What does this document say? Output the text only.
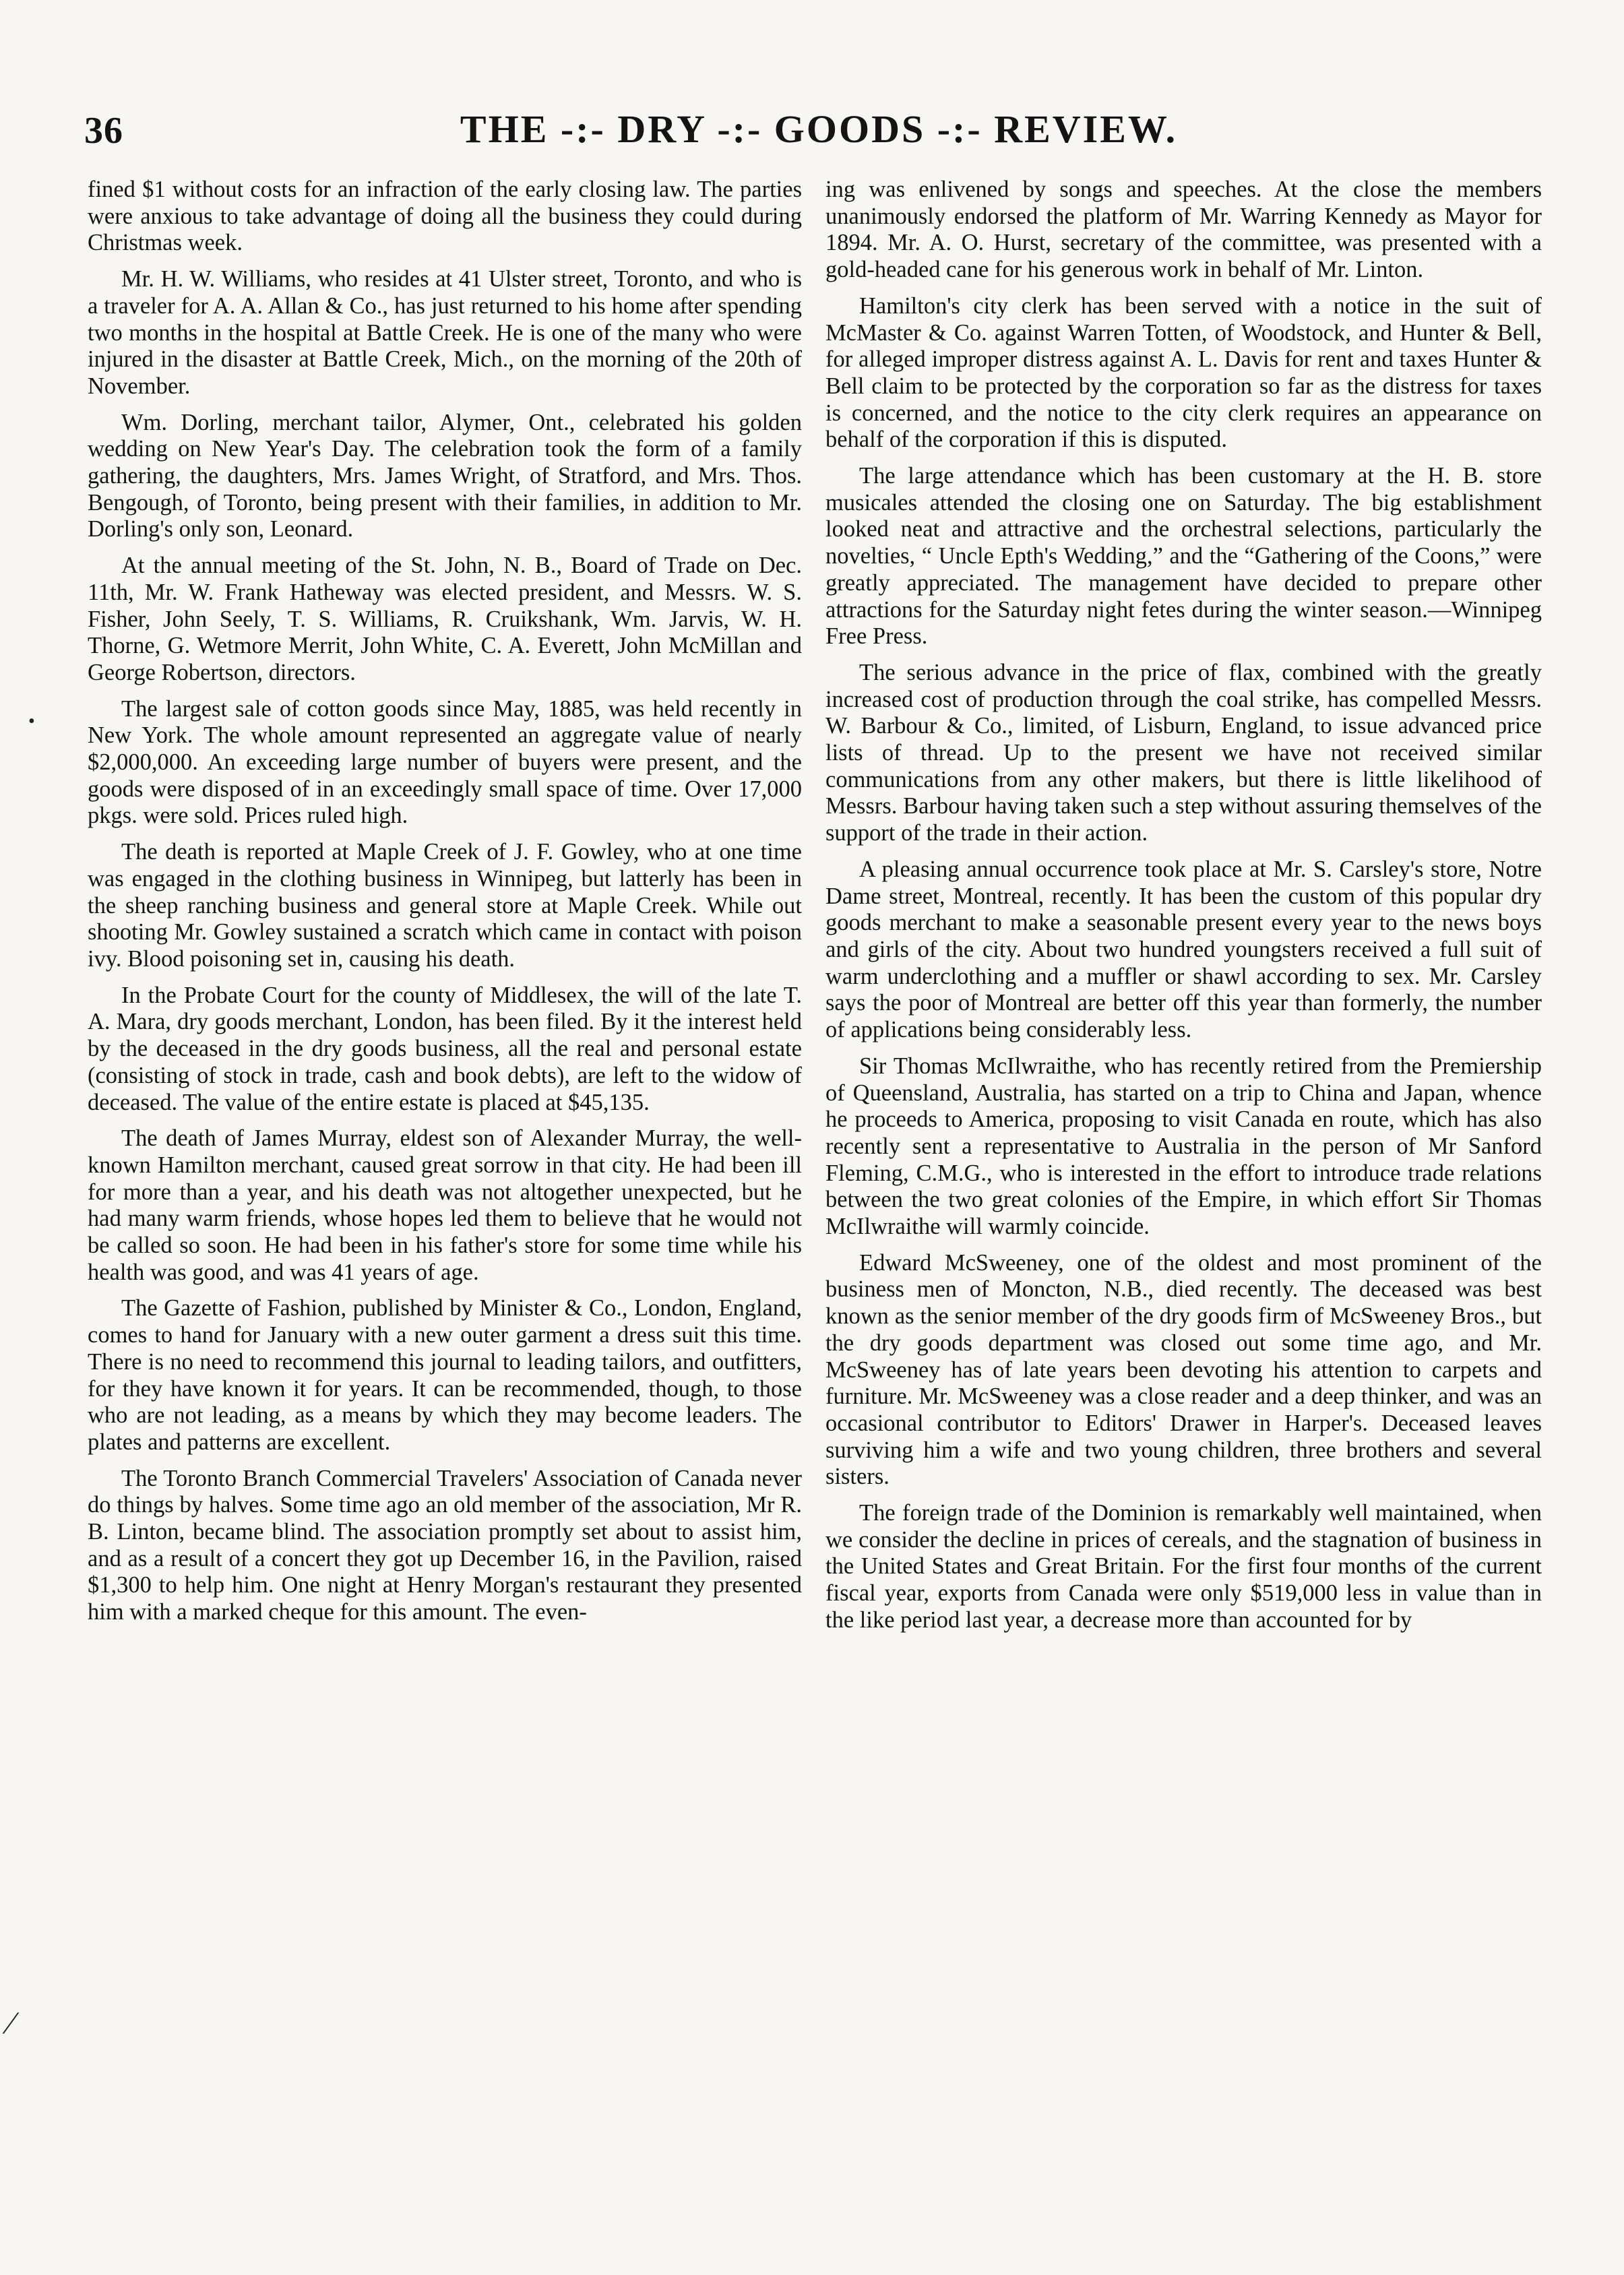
36	THE -:- DRY -:- GOODS -:- REVIEW.

fined $1 without costs for an infraction of the early closing law. The parties were anxious to take advantage of doing all the business they could during Christmas week.

Mr. H. W. Williams, who resides at 41 Ulster street, Toronto, and who is a traveler for A. A. Allan & Co., has just returned to his home after spending two months in the hospital at Battle Creek. He is one of the many who were injured in the disaster at Battle Creek, Mich., on the morning of the 20th of November.

Wm. Dorling, merchant tailor, Alymer, Ont., celebrated his golden wedding on New Year's Day. The celebration took the form of a family gathering, the daughters, Mrs. James Wright, of Stratford, and Mrs. Thos. Bengough, of Toronto, being present with their families, in addition to Mr. Dorling's only son, Leonard.

At the annual meeting of the St. John, N. B., Board of Trade on Dec. 11th, Mr. W. Frank Hatheway was elected president, and Messrs. W. S. Fisher, John Seely, T. S. Williams, R. Cruikshank, Wm. Jarvis, W. H. Thorne, G. Wetmore Merrit, John White, C. A. Everett, John McMillan and George Robertson, directors.

The largest sale of cotton goods since May, 1885, was held recently in New York. The whole amount represented an aggregate value of nearly $2,000,000. An exceeding large number of buyers were present, and the goods were disposed of in an exceedingly small space of time. Over 17,000 pkgs. were sold. Prices ruled high.

The death is reported at Maple Creek of J. F. Gowley, who at one time was engaged in the clothing business in Winnipeg, but latterly has been in the sheep ranching business and general store at Maple Creek. While out shooting Mr. Gowley sustained a scratch which came in contact with poison ivy. Blood poisoning set in, causing his death.

In the Probate Court for the county of Middlesex, the will of the late T. A. Mara, dry goods merchant, London, has been filed. By it the interest held by the deceased in the dry goods business, all the real and personal estate (consisting of stock in trade, cash and book debts), are left to the widow of deceased. The value of the entire estate is placed at $45,135.

The death of James Murray, eldest son of Alexander Murray, the well-known Hamilton merchant, caused great sorrow in that city. He had been ill for more than a year, and his death was not altogether unexpected, but he had many warm friends, whose hopes led them to believe that he would not be called so soon. He had been in his father's store for some time while his health was good, and was 41 years of age.

The Gazette of Fashion, published by Minister & Co., London, England, comes to hand for January with a new outer garment a dress suit this time. There is no need to recommend this journal to leading tailors, and outfitters, for they have known it for years. It can be recommended, though, to those who are not leading, as a means by which they may become leaders. The plates and patterns are excellent.

The Toronto Branch Commercial Travelers' Association of Canada never do things by halves. Some time ago an old member of the association, Mr R. B. Linton, became blind. The association promptly set about to assist him, and as a result of a concert they got up December 16, in the Pavilion, raised $1,300 to help him. One night at Henry Morgan's restaurant they presented him with a marked cheque for this amount. The even-

ing was enlivened by songs and speeches. At the close the members unanimously endorsed the platform of Mr. Warring Kennedy as Mayor for 1894. Mr. A. O. Hurst, secretary of the committee, was presented with a gold-headed cane for his generous work in behalf of Mr. Linton.

Hamilton's city clerk has been served with a notice in the suit of McMaster & Co. against Warren Totten, of Woodstock, and Hunter & Bell, for alleged improper distress against A. L. Davis for rent and taxes Hunter & Bell claim to be protected by the corporation so far as the distress for taxes is concerned, and the notice to the city clerk requires an appearance on behalf of the corporation if this is disputed.

The large attendance which has been customary at the H. B. store musicales attended the closing one on Saturday. The big establishment looked neat and attractive and the orchestral selections, particularly the novelties, “ Uncle Epth's Wedding,” and the “Gathering of the Coons,” were greatly appreciated. The management have decided to prepare other attractions for the Saturday night fetes during the winter season.—Winnipeg Free Press.

The serious advance in the price of flax, combined with the greatly increased cost of production through the coal strike, has compelled Messrs. W. Barbour & Co., limited, of Lisburn, England, to issue advanced price lists of thread. Up to the present we have not received similar communications from any other makers, but there is little likelihood of Messrs. Barbour having taken such a step without assuring themselves of the support of the trade in their action.

A pleasing annual occurrence took place at Mr. S. Carsley's store, Notre Dame street, Montreal, recently. It has been the custom of this popular dry goods merchant to make a seasonable present every year to the news boys and girls of the city. About two hundred youngsters received a full suit of warm underclothing and a muffler or shawl according to sex. Mr. Carsley says the poor of Montreal are better off this year than formerly, the number of applications being considerably less.

Sir Thomas McIlwraithe, who has recently retired from the Premiership of Queensland, Australia, has started on a trip to China and Japan, whence he proceeds to America, proposing to visit Canada en route, which has also recently sent a representative to Australia in the person of Mr Sanford Fleming, C.M.G., who is interested in the effort to introduce trade relations between the two great colonies of the Empire, in which effort Sir Thomas McIlwraithe will warmly coincide.

Edward McSweeney, one of the oldest and most prominent of the business men of Moncton, N.B., died recently. The deceased was best known as the senior member of the dry goods firm of McSweeney Bros., but the dry goods department was closed out some time ago, and Mr. McSweeney has of late years been devoting his attention to carpets and furniture. Mr. McSweeney was a close reader and a deep thinker, and was an occasional contributor to Editors' Drawer in Harper's. Deceased leaves surviving him a wife and two young children, three brothers and several sisters.

The foreign trade of the Dominion is remarkably well maintained, when we consider the decline in prices of cereals, and the stagnation of business in the United States and Great Britain. For the first four months of the current fiscal year, exports from Canada were only $519,000 less in value than in the like period last year, a decrease more than accounted for by

•
⁄
